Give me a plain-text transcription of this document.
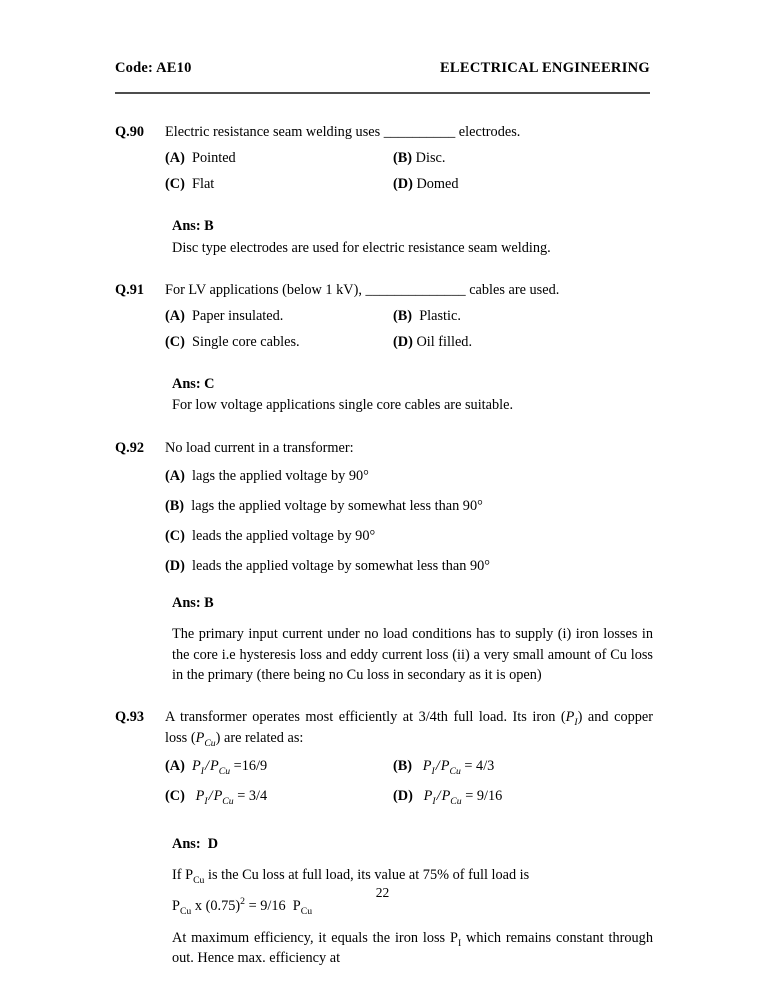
Code: AE10	ELECTRICAL ENGINEERING
Q.90 Electric resistance seam welding uses __________ electrodes.
(A) Pointed	(B) Disc.
(C) Flat	(D) Domed
Ans: B
Disc type electrodes are used for electric resistance seam welding.
Q.91 For LV applications (below 1 kV), ______________ cables are used.
(A) Paper insulated.	(B) Plastic.
(C) Single core cables.	(D) Oil filled.
Ans: C
For low voltage applications single core cables are suitable.
Q.92 No load current in a transformer:
(A) lags the applied voltage by 90°
(B) lags the applied voltage by somewhat less than 90°
(C) leads the applied voltage by 90°
(D) leads the applied voltage by somewhat less than 90°
Ans: B
The primary input current under no load conditions has to supply (i) iron losses in the core i.e hysteresis loss and eddy current loss (ii) a very small amount of Cu loss in the primary (there being no Cu loss in secondary as it is open)
Q.93 A transformer operates most efficiently at 3/4th full load. Its iron $(P_I)$ and copper loss $(P_{Cu})$ are related as:
(A) $P_I/P_{Cu} =16/9$	(B) $P_I/P_{Cu} = 4/3$
(C) $P_I/P_{Cu} = 3/4$	(D) $P_I/P_{Cu} = 9/16$
Ans:  D
If $P_{Cu}$ is the Cu loss at full load, its value at 75% of full load is
$P_{Cu}$ x $(0.75)^2 = 9/16$  $P_{Cu}$
At maximum efficiency, it equals the iron loss $P_I$ which remains constant through out. Hence max. efficiency at
22
